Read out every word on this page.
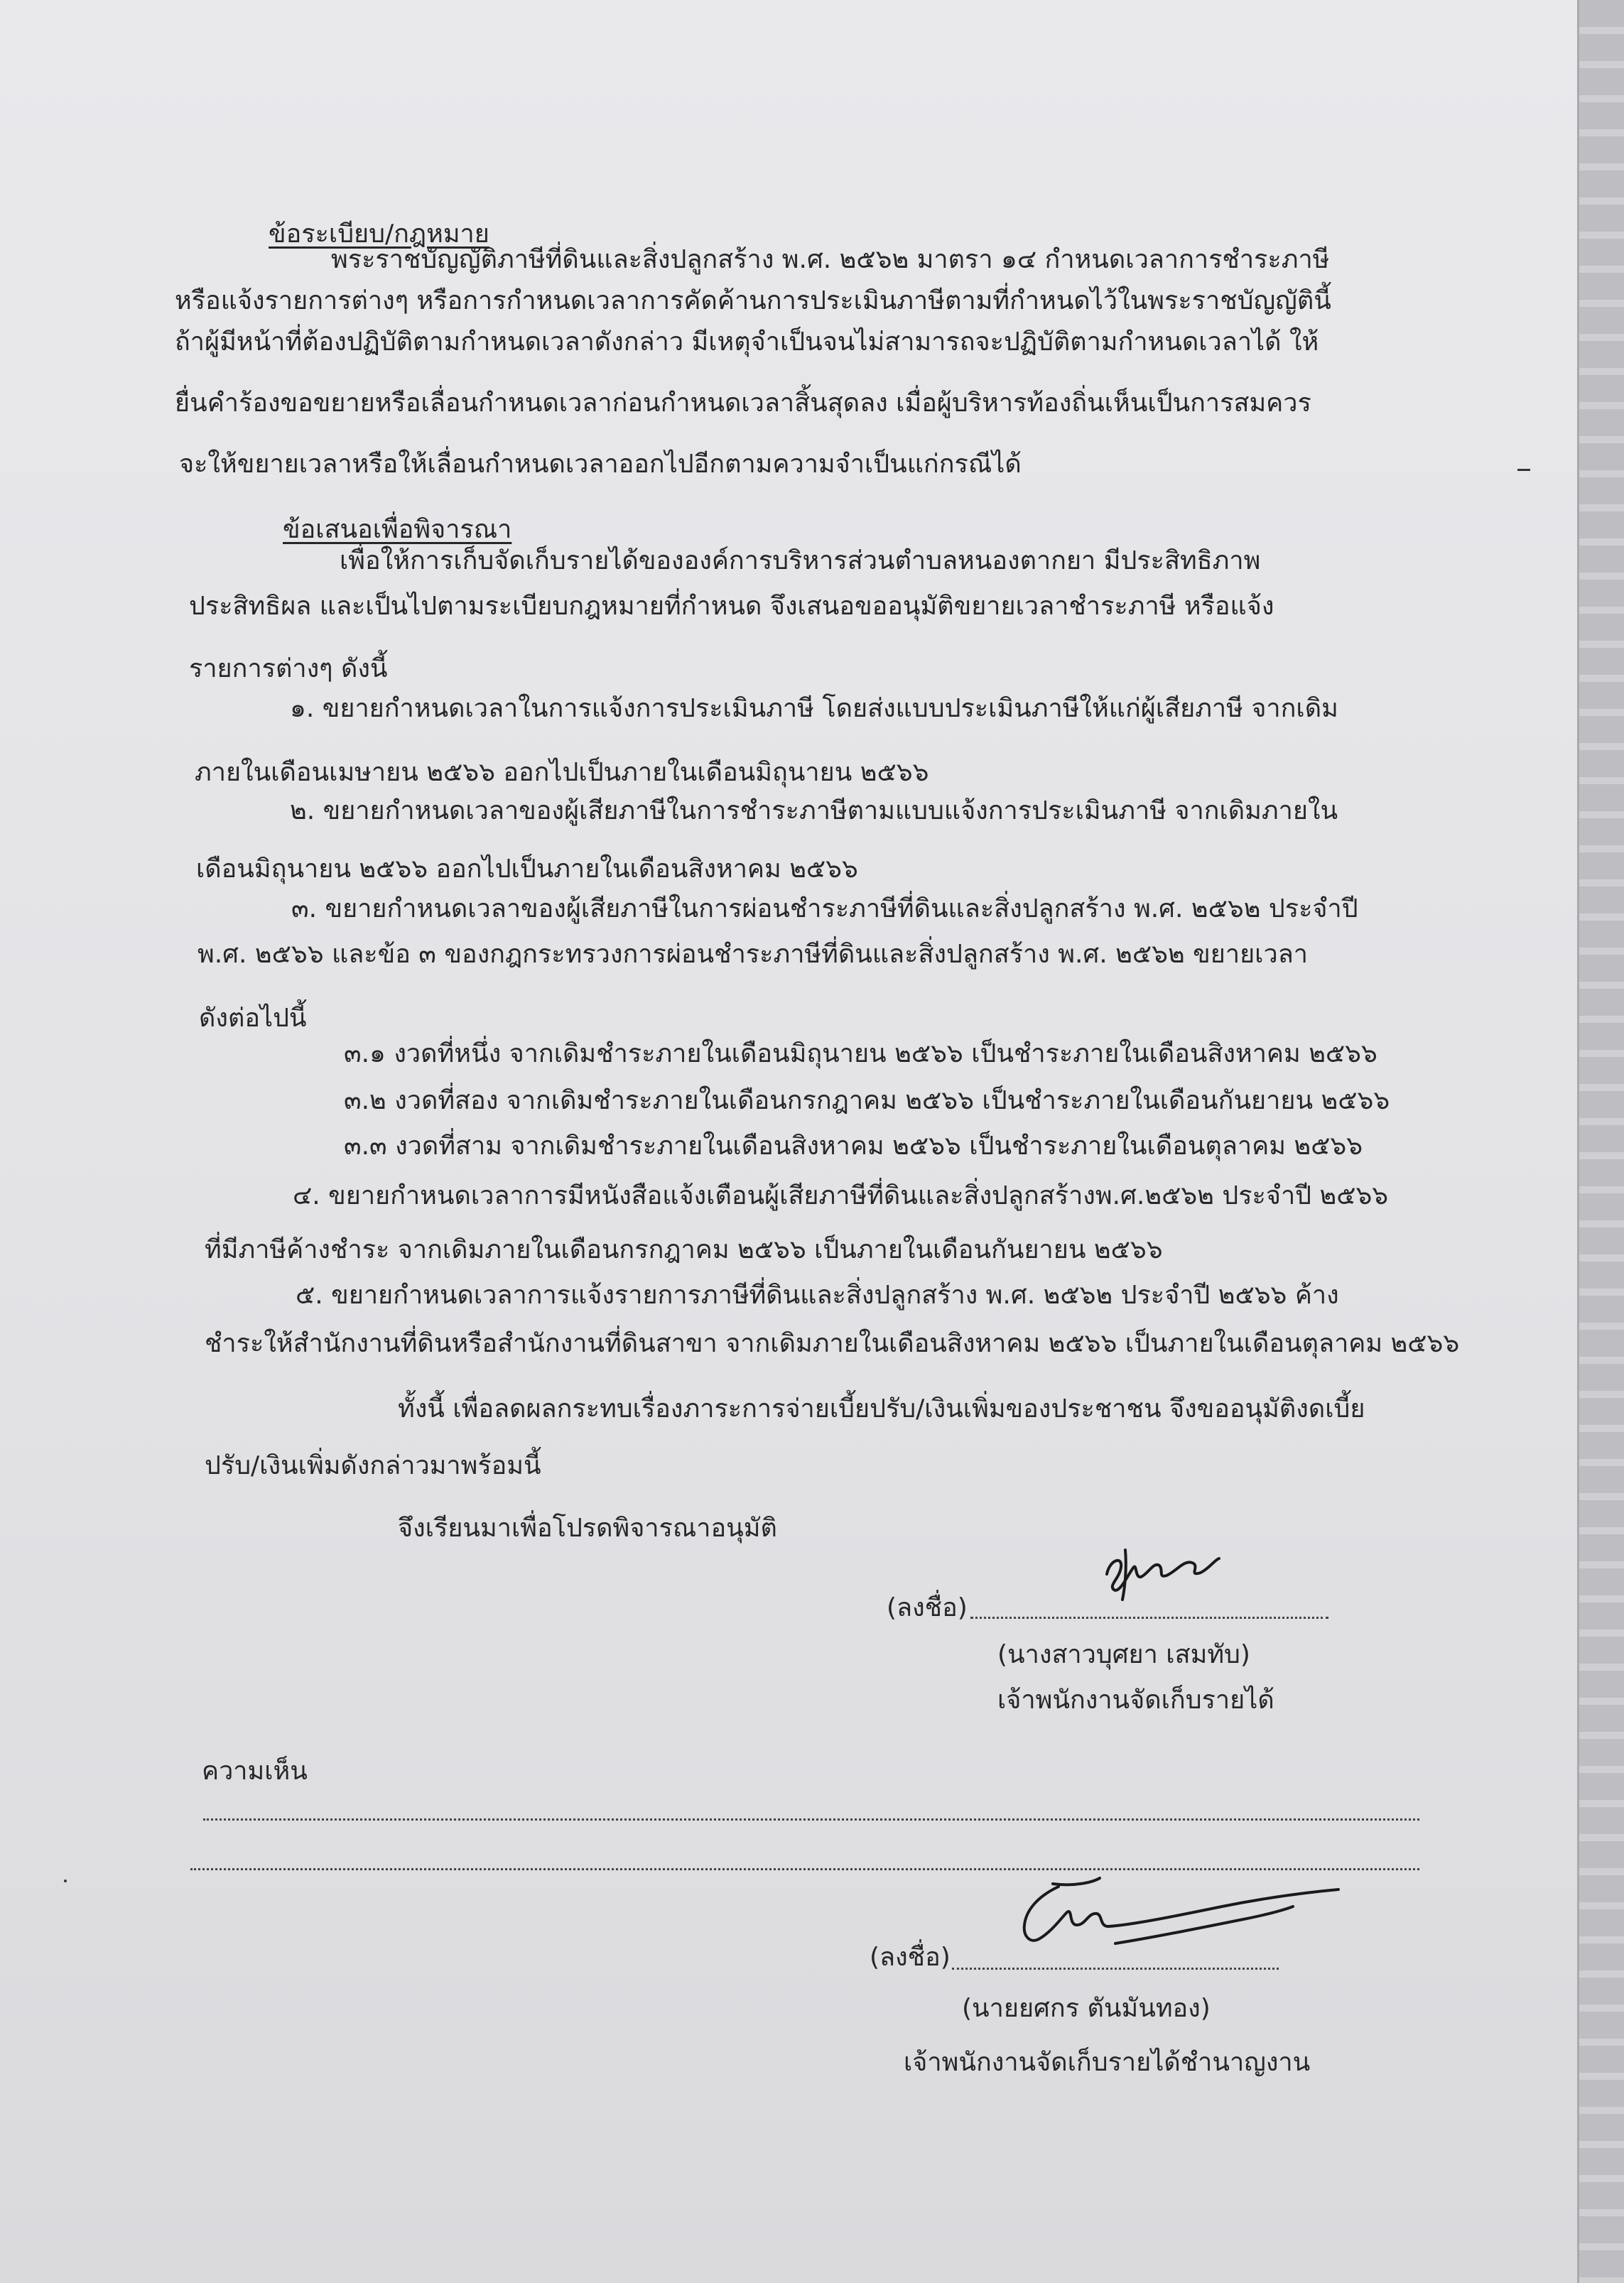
ข้อระเบียบ/กฎหมาย
พระราชบัญญัติภาษีที่ดินและสิ่งปลูกสร้าง พ.ศ. ๒๕๖๒ มาตรา ๑๔ กำหนดเวลาการชำระภาษี
หรือแจ้งรายการต่างๆ หรือการกำหนดเวลาการคัดค้านการประเมินภาษีตามที่กำหนดไว้ในพระราชบัญญัตินี้
ถ้าผู้มีหน้าที่ต้องปฏิบัติตามกำหนดเวลาดังกล่าว มีเหตุจำเป็นจนไม่สามารถจะปฏิบัติตามกำหนดเวลาได้ ให้
ยื่นคำร้องขอขยายหรือเลื่อนกำหนดเวลาก่อนกำหนดเวลาสิ้นสุดลง เมื่อผู้บริหารท้องถิ่นเห็นเป็นการสมควร
จะให้ขยายเวลาหรือให้เลื่อนกำหนดเวลาออกไปอีกตามความจำเป็นแก่กรณีได้
ข้อเสนอเพื่อพิจารณา
เพื่อให้การเก็บจัดเก็บรายได้ขององค์การบริหารส่วนตำบลหนองตากยา มีประสิทธิภาพ
ประสิทธิผล และเป็นไปตามระเบียบกฎหมายที่กำหนด จึงเสนอขออนุมัติขยายเวลาชำระภาษี หรือแจ้ง
รายการต่างๆ ดังนี้
๑. ขยายกำหนดเวลาในการแจ้งการประเมินภาษี โดยส่งแบบประเมินภาษีให้แก่ผู้เสียภาษี จากเดิม
ภายในเดือนเมษายน ๒๕๖๖ ออกไปเป็นภายในเดือนมิถุนายน ๒๕๖๖
๒. ขยายกำหนดเวลาของผู้เสียภาษีในการชำระภาษีตามแบบแจ้งการประเมินภาษี จากเดิมภายใน
เดือนมิถุนายน ๒๕๖๖ ออกไปเป็นภายในเดือนสิงหาคม ๒๕๖๖
๓. ขยายกำหนดเวลาของผู้เสียภาษีในการผ่อนชำระภาษีที่ดินและสิ่งปลูกสร้าง พ.ศ. ๒๕๖๒ ประจำปี
พ.ศ. ๒๕๖๖ และข้อ ๓ ของกฎกระทรวงการผ่อนชำระภาษีที่ดินและสิ่งปลูกสร้าง พ.ศ. ๒๕๖๒ ขยายเวลา
ดังต่อไปนี้
๓.๑ งวดที่หนึ่ง จากเดิมชำระภายในเดือนมิถุนายน ๒๕๖๖ เป็นชำระภายในเดือนสิงหาคม ๒๕๖๖
๓.๒ งวดที่สอง จากเดิมชำระภายในเดือนกรกฎาคม ๒๕๖๖ เป็นชำระภายในเดือนกันยายน ๒๕๖๖
๓.๓ งวดที่สาม จากเดิมชำระภายในเดือนสิงหาคม ๒๕๖๖ เป็นชำระภายในเดือนตุลาคม ๒๕๖๖
๔. ขยายกำหนดเวลาการมีหนังสือแจ้งเตือนผู้เสียภาษีที่ดินและสิ่งปลูกสร้างพ.ศ.๒๕๖๒ ประจำปี ๒๕๖๖
ที่มีภาษีค้างชำระ จากเดิมภายในเดือนกรกฎาคม ๒๕๖๖ เป็นภายในเดือนกันยายน ๒๕๖๖
๕. ขยายกำหนดเวลาการแจ้งรายการภาษีที่ดินและสิ่งปลูกสร้าง พ.ศ. ๒๕๖๒ ประจำปี ๒๕๖๖ ค้าง
ชำระให้สำนักงานที่ดินหรือสำนักงานที่ดินสาขา จากเดิมภายในเดือนสิงหาคม ๒๕๖๖ เป็นภายในเดือนตุลาคม ๒๕๖๖
ทั้งนี้ เพื่อลดผลกระทบเรื่องภาระการจ่ายเบี้ยปรับ/เงินเพิ่มของประชาชน จึงขออนุมัติงดเบี้ย
ปรับ/เงินเพิ่มดังกล่าวมาพร้อมนี้
จึงเรียนมาเพื่อโปรดพิจารณาอนุมัติ
(ลงชื่อ)
(นางสาวบุศยา เสมทับ)
เจ้าพนักงานจัดเก็บรายได้
ความเห็น
(ลงชื่อ)
(นายยศกร ตันมันทอง)
เจ้าพนักงานจัดเก็บรายได้ชำนาญงาน
